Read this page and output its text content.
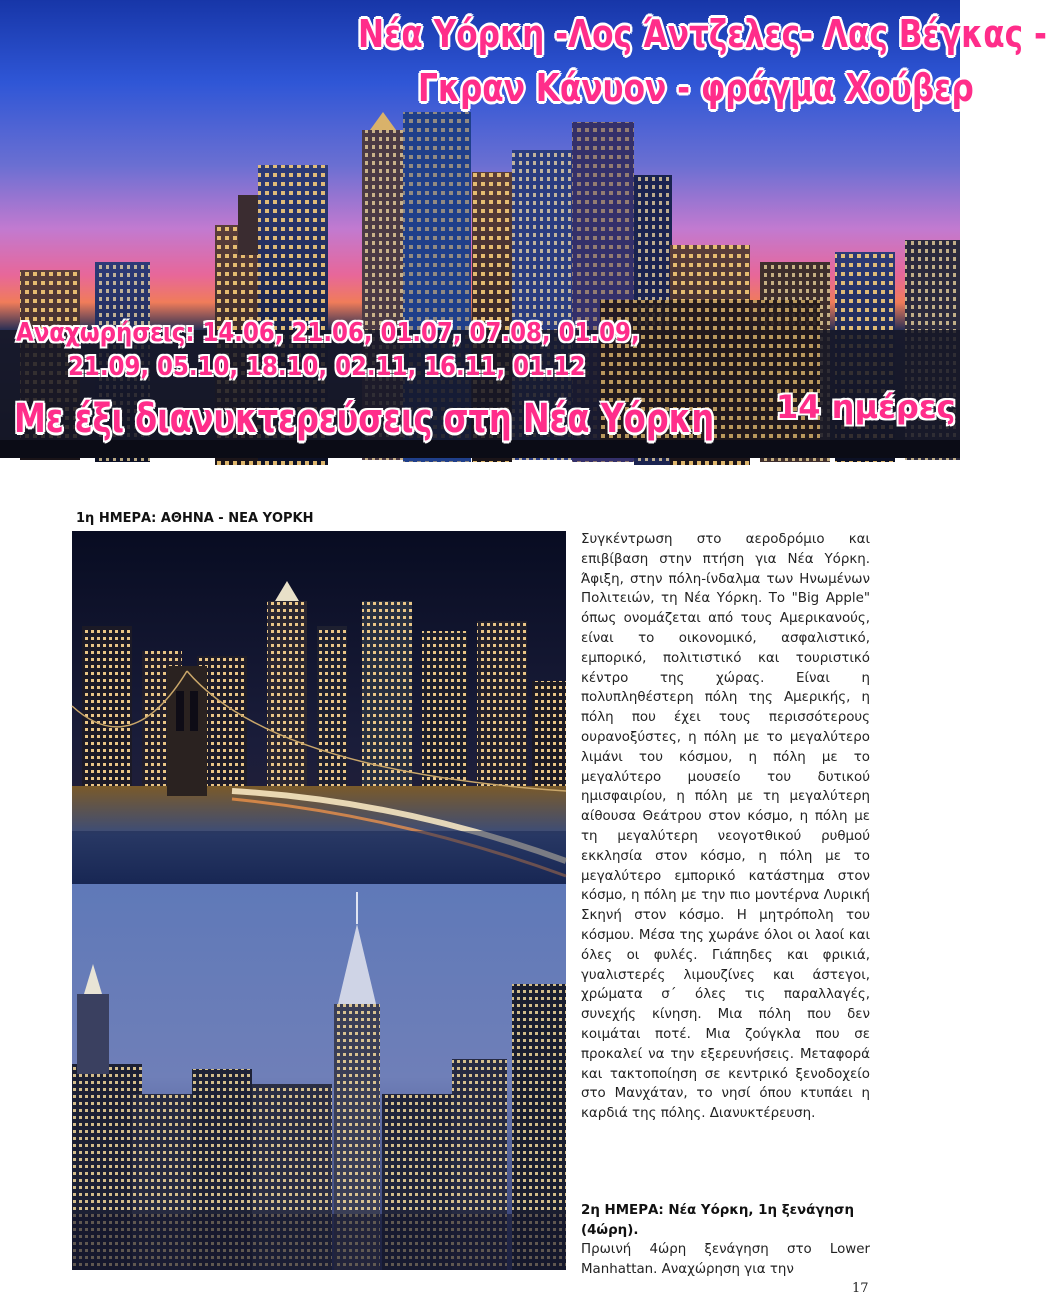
Νέα Υόρκη -Λος Άντζελες- Λας Βέγκας -
Γκραν Κάνυον - φράγμα Χούβερ
Αναχωρήσεις: 14.06, 21.06, 01.07, 07.08, 01.09,
21.09, 05.10, 18.10, 02.11, 16.11, 01.12
Με έξι διανυκτερεύσεις στη Νέα Υόρκη 14 ημέρες
1η ΗΜΕΡΑ: ΑΘΗΝΑ - ΝΕΑ ΥΟΡΚΗ

Συγκέντρωση στο αεροδρόμιο και επιβίβαση στην πτήση για Νέα Υόρκη. Άφιξη, στην πόλη-ίνδαλμα των Ηνωμένων Πολιτειών, τη Νέα Υόρκη. Το "Big Apple" όπως ονομάζεται από τους Αμερικανούς, είναι το οικονομικό, ασφαλιστικό, εμπορικό, πολιτιστικό και τουριστικό κέντρο της χώρας. Είναι η πολυπληθέστερη πόλη της Αμερικής, η πόλη που έχει τους περισσότερους ουρανοξύστες, η πόλη με το μεγαλύτερο λιμάνι του κόσμου, η πόλη με το μεγαλύτερο μουσείο του δυτικού ημισφαιρίου, η πόλη με τη μεγαλύτερη αίθουσα Θεάτρου στον κόσμο, η πόλη με τη μεγαλύτερη νεογοτθικού ρυθμού εκκλησία στον κόσμο, η πόλη με το μεγαλύτερο εμπορικό κατάστημα στον κόσμο, η πόλη με την πιο μοντέρνα Λυρική Σκηνή στον κόσμο. Η μητρόπολη του κόσμου. Μέσα της χωράνε όλοι οι λαοί και όλες οι φυλές. Γιάπηδες και φρικιά, γυαλιστερές λιμουζίνες και άστεγοι, χρώματα σ΄ όλες τις παραλλαγές, συνεχής κίνηση. Μια πόλη που δεν κοιμάται ποτέ. Μια ζούγκλα που σε προκαλεί να την εξερευνήσεις. Μεταφορά και τακτοποίηση σε κεντρικό ξενοδοχείο στο Μανχάταν, το νησί όπου κτυπάει η καρδιά της πόλης. Διανυκτέρευση.

2η ΗΜΕΡΑ: Νέα Υόρκη, 1η ξενάγηση (4ώρη).
Πρωινή 4ώρη ξενάγηση στο Lower Manhattan. Αναχώρηση για την
17
